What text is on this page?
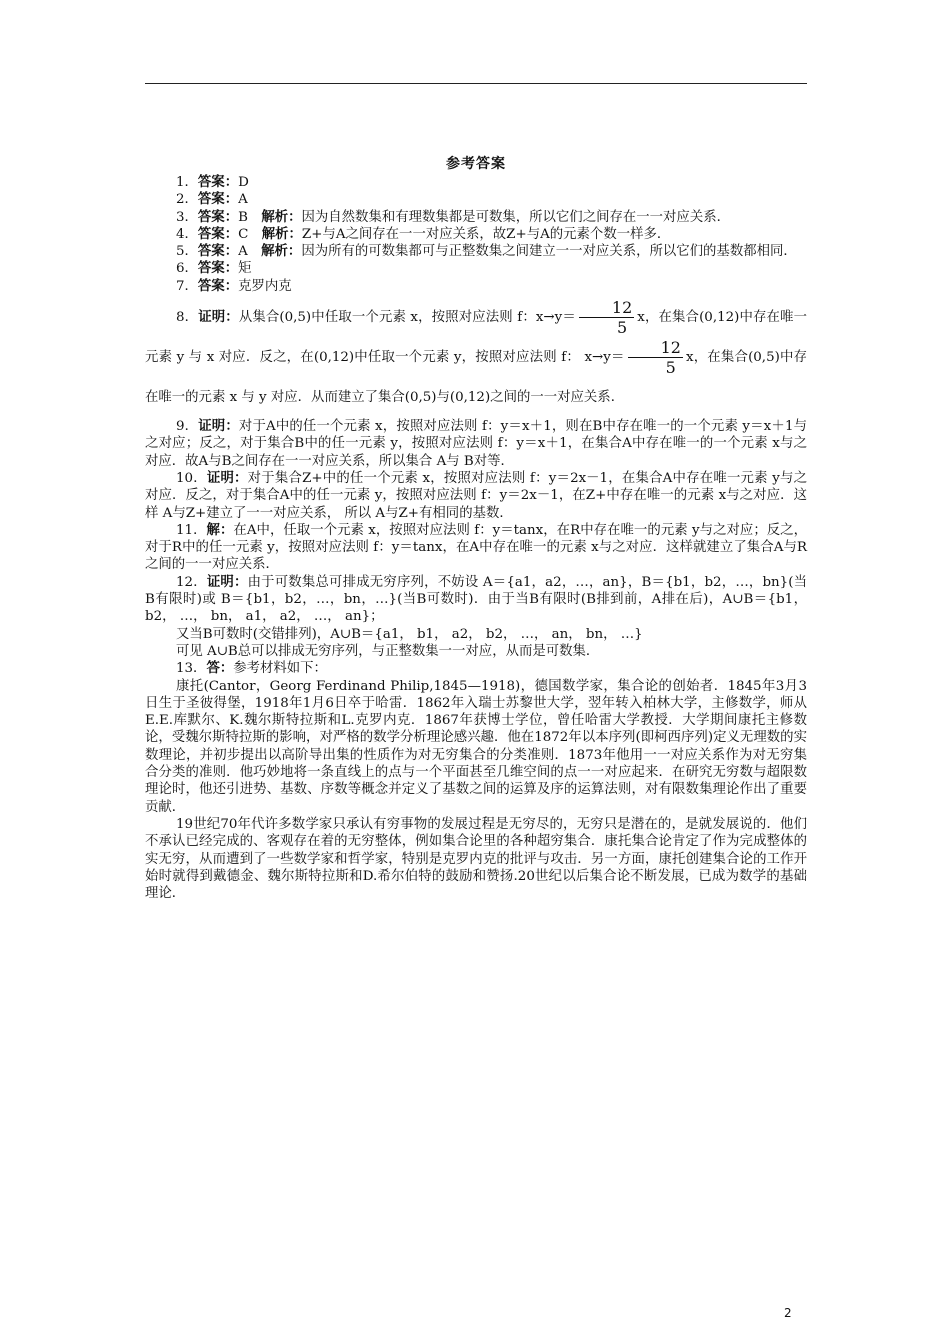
参考答案

1．答案：D

2．答案：A

3．答案：B　 解析：因为自然数集和有理数集都是可数集，所以它们之间存在一一对应关系．

4．答案：C　 解析：Z+与A之间存在一一对应关系，故Z+与A的元素个数一样多．

5．答案：A　 解析：因为所有的可数集都可与正整数集之间建立一一对应关系，所以它们的基数都相同．

6．答案：矩

7．答案：克罗内克

8．证明：从集合(0,5)中任取一个元素 x，按照对应法则 f：$x\to y= \frac{12}{5}$ x，在集合(0,12)中存在唯一元素 y 与 x 对应．反之，在(0,12)中任取一个元素 y，按照对应法则 f： $x\to y= \frac{12}{5}$ x，在集合(0,5)中存在唯一的元素 x 与 y 对应．从而建立了集合(0,5)与(0,12)之间的一一对应关系．

9．证明：对于A中的任一个元素 x，按照对应法则 f：y＝x＋1，则在B中存在唯一的一个元素 y＝x＋1与之对应；反之，对于集合B中的任一元素 y，按照对应法则 f：y＝x＋1，在集合A中存在唯一的一个元素 x与之对应．故A与B之间存在一一对应关系，所以集合 A与 B对等．

10．证明：对于集合Z+中的任一个元素 x，按照对应法则 f：y＝2x－1，在集合A中存在唯一元素 y与之对应．反之，对于集合A中的任一元素 y，按照对应法则 f：y＝2x－1，在Z+中存在唯一的元素 x与之对应．这样 A与Z+建立了一一对应关系， 所以 A与Z+有相同的基数．

11．解：在A中，任取一个元素 x，按照对应法则 f：y＝tanx，在R中存在唯一的元素 y与之对应；反之，对于R中的任一元素 y，按照对应法则 f：y＝tanx，在A中存在唯一的元素 x与之对应．这样就建立了集合A与R之间的一一对应关系．

12．证明：由于可数集总可排成无穷序列，不妨设 A＝{a1，a2，…，an}，B＝{b1，b2，…，bn}(当B有限时)或 B＝{b1，b2，…，bn，…}(当B可数时)．由于当B有限时(B排到前，A排在后)，A∪B＝{b1， b2， …， bn， a1， a2， …， an}；

又当B可数时(交错排列)，A∪B＝{a1， b1， a2， b2， …， an， bn， …}

可见 A∪B总可以排成无穷序列，与正整数集一一对应，从而是可数集．

13．答：参考材料如下：

康托(Cantor，Georg Ferdinand Philip,1845—1918)，德国数学家，集合论的创始者．1845年3月3日生于圣彼得堡，1918年1月6日卒于哈雷．1862年入瑞士苏黎世大学，翌年转入柏林大学，主修数学，师从E.E.库默尔、K.魏尔斯特拉斯和L.克罗内克．1867年获博士学位，曾任哈雷大学教授．大学期间康托主修数论，受魏尔斯特拉斯的影响，对严格的数学分析理论感兴趣．他在1872年以本序列(即柯西序列)定义无理数的实数理论，并初步提出以高阶导出集的性质作为对无穷集合的分类准则．1873年他用一一对应关系作为对无穷集合分类的准则．他巧妙地将一条直线上的点与一个平面甚至几维空间的点一一对应起来．在研究无穷数与超限数理论时，他还引进势、基数、序数等概念并定义了基数之间的运算及序的运算法则，对有限数集理论作出了重要贡献．

19世纪70年代许多数学家只承认有穷事物的发展过程是无穷尽的，无穷只是潜在的，是就发展说的．他们不承认已经完成的、客观存在着的无穷整体，例如集合论里的各种超穷集合．康托集合论肯定了作为完成整体的实无穷，从而遭到了一些数学家和哲学家，特别是克罗内克的批评与攻击．另一方面，康托创建集合论的工作开始时就得到戴德金、魏尔斯特拉斯和D.希尔伯特的鼓励和赞扬.20世纪以后集合论不断发展，已成为数学的基础理论．

2
